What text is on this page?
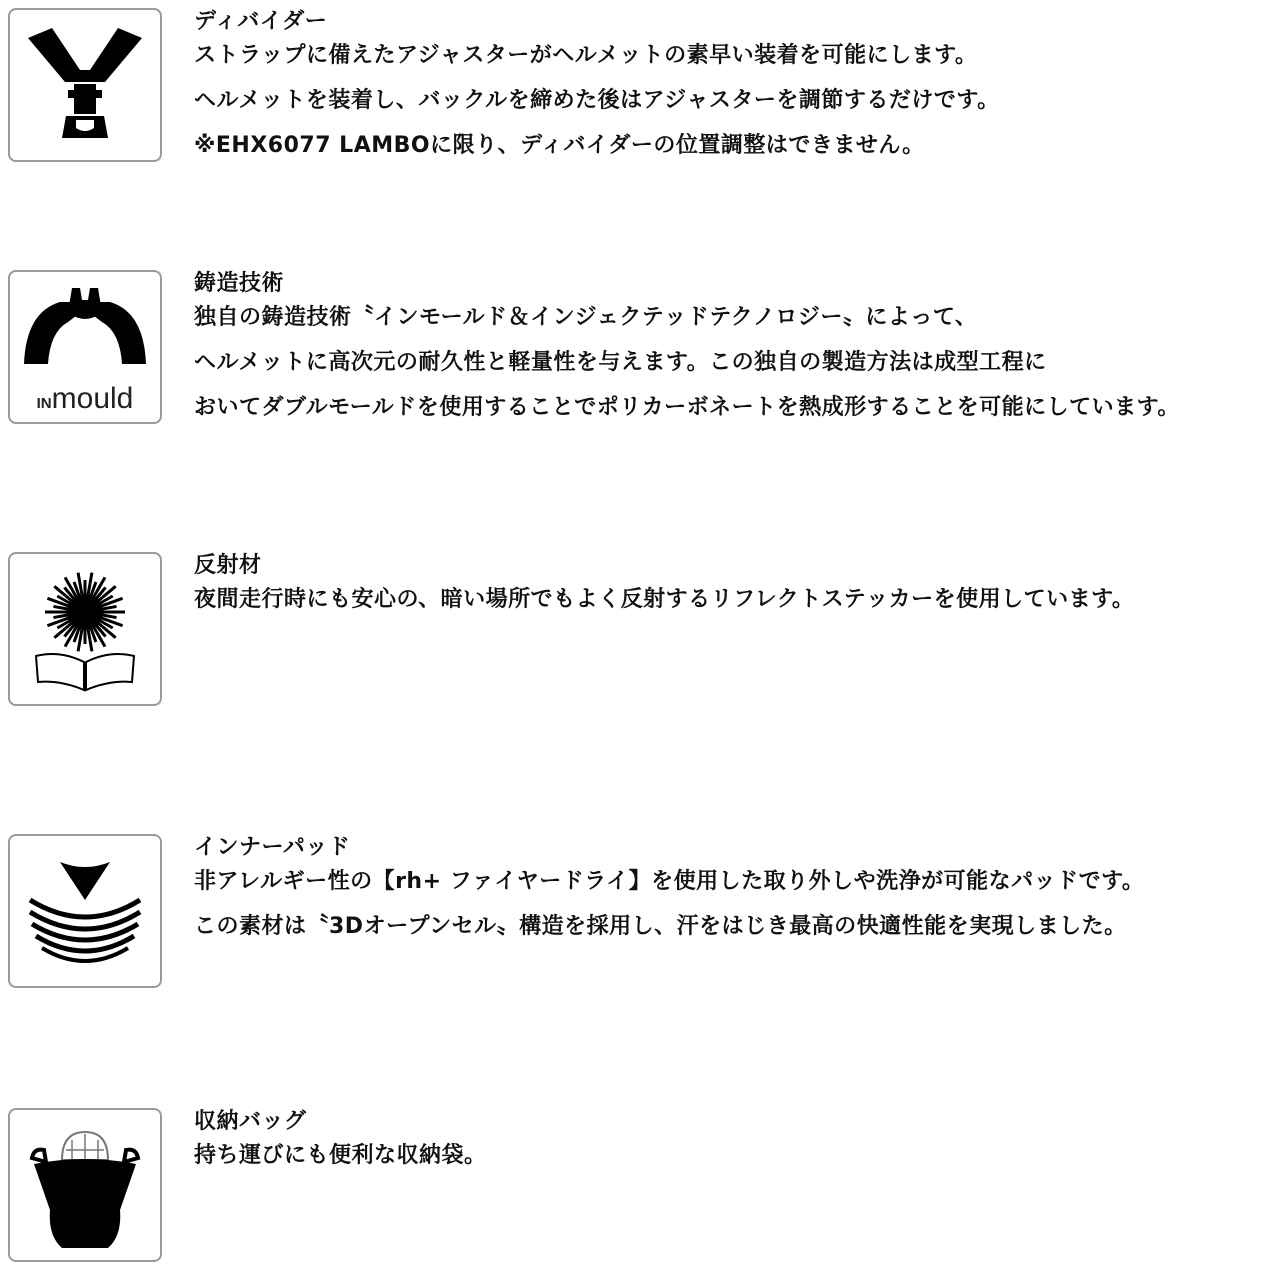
ディバイダー
ストラップに備えたアジャスターがヘルメットの素早い装着を可能にします。
ヘルメットを装着し、バックルを締めた後はアジャスターを調節するだけです。
※EHX6077 LAMBOに限り、ディバイダーの位置調整はできません。
INmould
鋳造技術
独自の鋳造技術〝インモールド＆インジェクテッドテクノロジー〟によって、
ヘルメットに高次元の耐久性と軽量性を与えます。この独自の製造方法は成型工程に
おいてダブルモールドを使用することでポリカーボネートを熱成形することを可能にしています。
反射材
夜間走行時にも安心の、暗い場所でもよく反射するリフレクトステッカーを使用しています。
インナーパッド
非アレルギー性の【rh+ ファイヤードライ】を使用した取り外しや洗浄が可能なパッドです。
この素材は〝3Dオープンセル〟構造を採用し、汗をはじき最高の快適性能を実現しました。
収納バッグ
持ち運びにも便利な収納袋。
